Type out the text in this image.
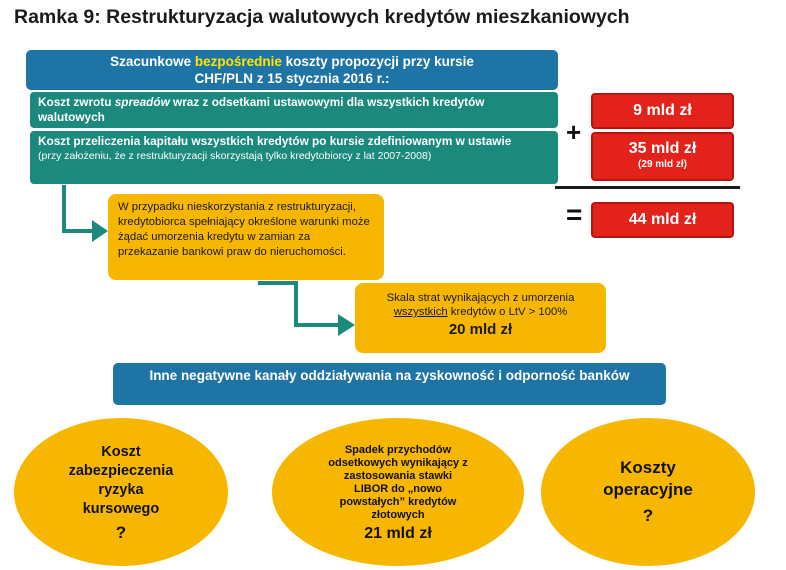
Ramka 9: Restrukturyzacja walutowych kredytów mieszkaniowych
Szacunkowe bezpośrednie koszty propozycji przy kursie
CHF/PLN z 15 stycznia 2016 r.:
Koszt zwrotu spreadów wraz z odsetkami ustawowymi dla wszystkich kredytów walutowych
Koszt przeliczenia kapitału wszystkich kredytów po kursie zdefiniowanym w ustawie
(przy założeniu, że z restrukturyzacji skorzystają tylko kredytobiorcy z lat 2007-2008)
+
9 mld zł
35 mld zł
(29 mld zł)
=	44 mld zł
W przypadku nieskorzystania z restrukturyzacji, kredytobiorca spełniający określone warunki może żądać umorzenia kredytu w zamian za przekazanie bankowi praw do nieruchomości.
Skala strat wynikających z umorzenia
wszystkich kredytów o LtV > 100%
20 mld zł
Inne negatywne kanały oddziaływania na zyskowność i odporność banków
Koszt zabezpieczenia ryzyka kursowego
?
Spadek przychodów odsetkowych wynikający z zastosowania stawki LIBOR do „nowo powstałych” kredytów złotowych
21 mld zł
Koszty operacyjne
?
